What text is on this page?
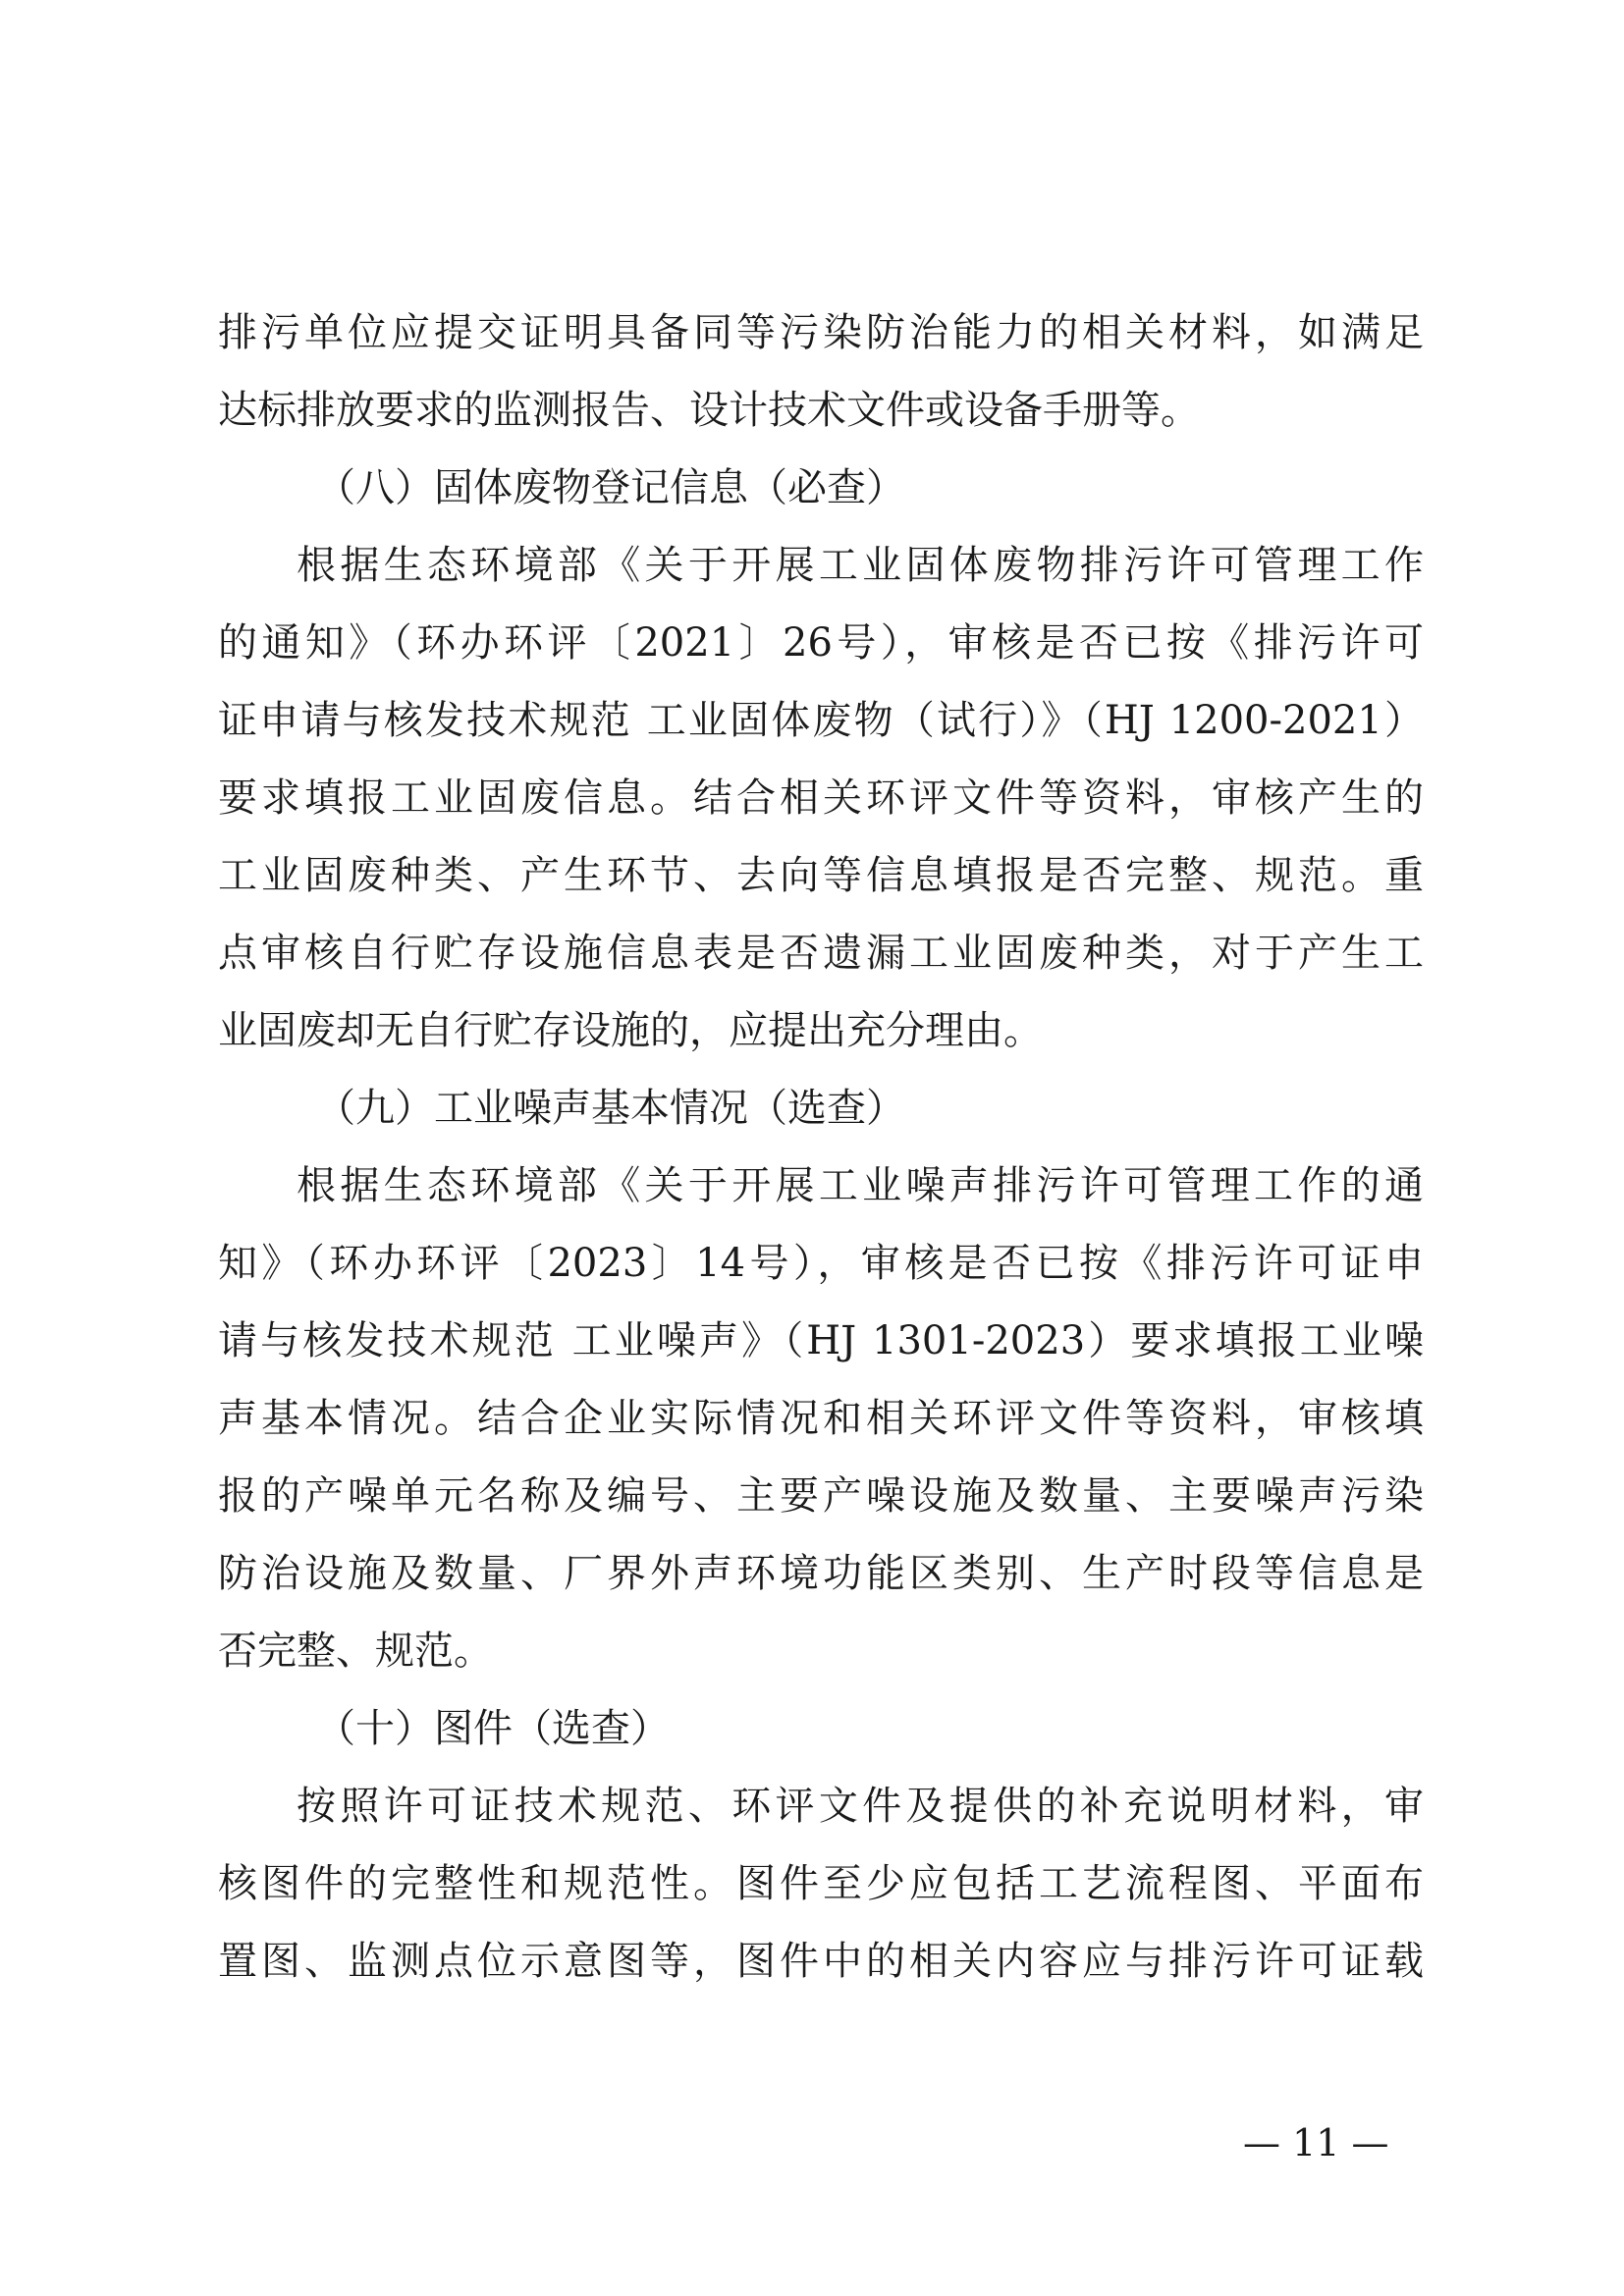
排污单位应提交证明具备同等污染防治能力的相关材料，如满足
达标排放要求的监测报告、设计技术文件或设备手册等。
（八）固体废物登记信息（必查）
根据生态环境部《关于开展工业固体废物排污许可管理工作
的通知》（环办环评〔2021〕26号），审核是否已按《排污许可
证申请与核发技术规范 工业固体废物（试行）》（HJ 1200-2021）
要求填报工业固废信息。结合相关环评文件等资料，审核产生的
工业固废种类、产生环节、去向等信息填报是否完整、规范。重
点审核自行贮存设施信息表是否遗漏工业固废种类，对于产生工
业固废却无自行贮存设施的，应提出充分理由。
（九）工业噪声基本情况（选查）
根据生态环境部《关于开展工业噪声排污许可管理工作的通
知》（环办环评〔2023〕14号），审核是否已按《排污许可证申
请与核发技术规范 工业噪声》（HJ 1301-2023）要求填报工业噪
声基本情况。结合企业实际情况和相关环评文件等资料，审核填
报的产噪单元名称及编号、主要产噪设施及数量、主要噪声污染
防治设施及数量、厂界外声环境功能区类别、生产时段等信息是
否完整、规范。
（十）图件（选查）
按照许可证技术规范、环评文件及提供的补充说明材料，审
核图件的完整性和规范性。图件至少应包括工艺流程图、平面布
置图、监测点位示意图等，图件中的相关内容应与排污许可证载
— 11 —
